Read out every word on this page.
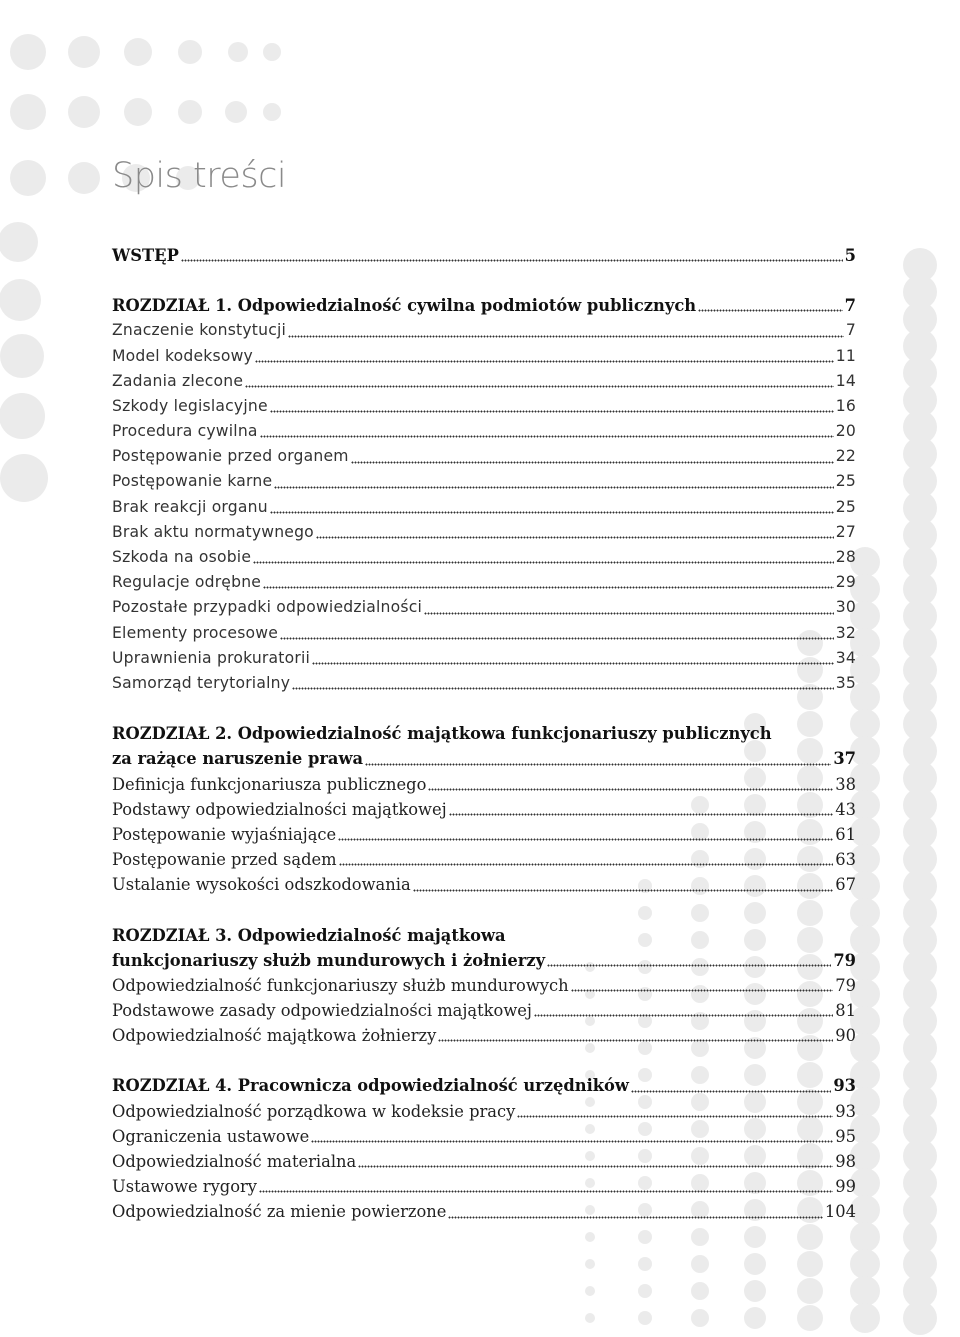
Spis treści
WSTĘP	5
ROZDZIAŁ 1. Odpowiedzialność cywilna podmiotów publicznych	7
Znaczenie konstytucji	7
Model kodeksowy	11
Zadania zlecone	14
Szkody legislacyjne	16
Procedura cywilna	20
Postępowanie przed organem	22
Postępowanie karne	25
Brak reakcji organu	25
Brak aktu normatywnego	27
Szkoda na osobie	28
Regulacje odrębne	29
Pozostałe przypadki odpowiedzialności	30
Elementy procesowe	32
Uprawnienia prokuratorii	34
Samorząd terytorialny	35
ROZDZIAŁ 2. Odpowiedzialność majątkowa funkcjonariuszy publicznych
za rażące naruszenie prawa	37
Definicja funkcjonariusza publicznego	38
Podstawy odpowiedzialności majątkowej	43
Postępowanie wyjaśniające	61
Postępowanie przed sądem	63
Ustalanie wysokości odszkodowania	67
ROZDZIAŁ 3. Odpowiedzialność majątkowa
funkcjonariuszy służb mundurowych i żołnierzy	79
Odpowiedzialność funkcjonariuszy służb mundurowych	79
Podstawowe zasady odpowiedzialności majątkowej	81
Odpowiedzialność majątkowa żołnierzy	90
ROZDZIAŁ 4. Pracownicza odpowiedzialność urzędników	93
Odpowiedzialność porządkowa w kodeksie pracy	93
Ograniczenia ustawowe	95
Odpowiedzialność materialna	98
Ustawowe rygory	99
Odpowiedzialność za mienie powierzone	104
